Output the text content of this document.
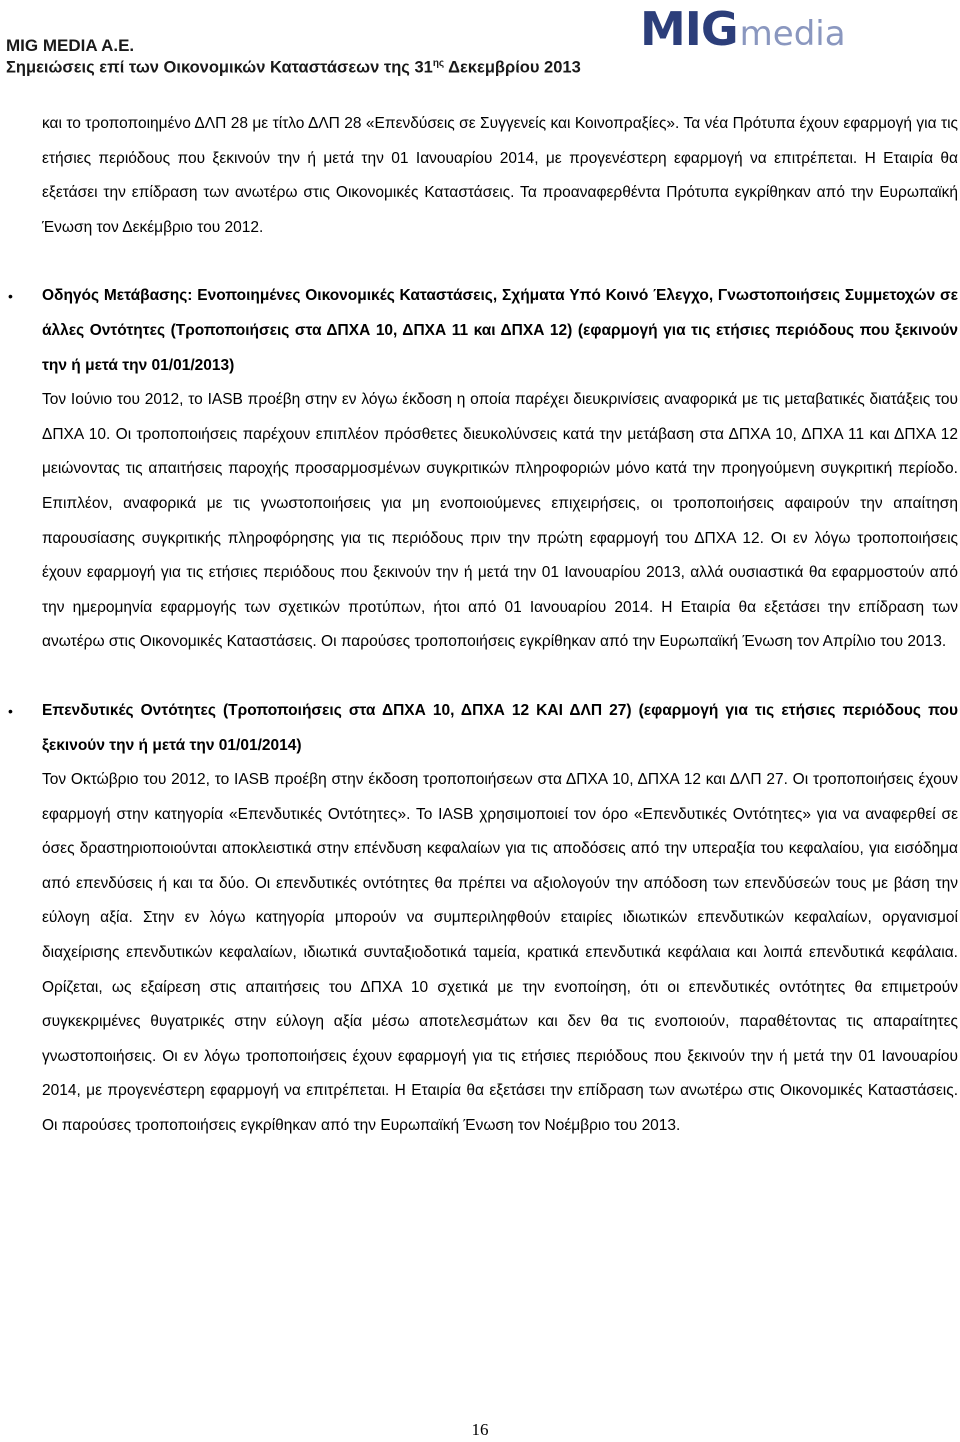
MIG MEDIA A.E.
Σημειώσεις επί των Οικονομικών Καταστάσεων της $31^{\eta\varsigma}$ Δεκεμβρίου 2013
MIGmedia

και το τροποποιημένο ΔΛΠ 28 με τίτλο ΔΛΠ 28 «Επενδύσεις σε Συγγενείς και Κοινοπραξίες». Τα νέα Πρότυπα έχουν εφαρμογή για τις ετήσιες περιόδους που ξεκινούν την ή μετά την 01 Ιανουαρίου 2014, με προγενέστερη εφαρμογή να επιτρέπεται. Η Εταιρία θα εξετάσει την επίδραση των ανωτέρω στις Οικονομικές Καταστάσεις. Τα προαναφερθέντα Πρότυπα εγκρίθηκαν από την Ευρωπαϊκή Ένωση τον Δεκέμβριο του 2012.

• Οδηγός Μετάβασης: Ενοποιημένες Οικονομικές Καταστάσεις, Σχήματα Υπό Κοινό Έλεγχο, Γνωστοποιήσεις Συμμετοχών σε άλλες Οντότητες (Τροποποιήσεις στα ΔΠΧΑ 10, ΔΠΧΑ 11 και ΔΠΧΑ 12) (εφαρμογή για τις ετήσιες περιόδους που ξεκινούν την ή μετά την 01/01/2013)

Τον Ιούνιο του 2012, το IASB προέβη στην εν λόγω έκδοση η οποία παρέχει διευκρινίσεις αναφορικά με τις μεταβατικές διατάξεις του ΔΠΧΑ 10. Οι τροποποιήσεις παρέχουν επιπλέον πρόσθετες διευκολύνσεις κατά την μετάβαση στα ΔΠΧΑ 10, ΔΠΧΑ 11 και ΔΠΧΑ 12 μειώνοντας τις απαιτήσεις παροχής προσαρμοσμένων συγκριτικών πληροφοριών μόνο κατά την προηγούμενη συγκριτική περίοδο. Επιπλέον, αναφορικά με τις γνωστοποιήσεις για μη ενοποιούμενες επιχειρήσεις, οι τροποποιήσεις αφαιρούν την απαίτηση παρουσίασης συγκριτικής πληροφόρησης για τις περιόδους πριν την πρώτη εφαρμογή του ΔΠΧΑ 12. Οι εν λόγω τροποποιήσεις έχουν εφαρμογή για τις ετήσιες περιόδους που ξεκινούν την ή μετά την 01 Ιανουαρίου 2013, αλλά ουσιαστικά θα εφαρμοστούν από την ημερομηνία εφαρμογής των σχετικών προτύπων, ήτοι από 01 Ιανουαρίου 2014. Η Εταιρία θα εξετάσει την επίδραση των ανωτέρω στις Οικονομικές Καταστάσεις. Οι παρούσες τροποποιήσεις εγκρίθηκαν από την Ευρωπαϊκή Ένωση τον Απρίλιο του 2013.

• Επενδυτικές Οντότητες (Τροποποιήσεις στα ΔΠΧΑ 10, ΔΠΧΑ 12 ΚΑΙ ΔΛΠ 27) (εφαρμογή για τις ετήσιες περιόδους που ξεκινούν την ή μετά την 01/01/2014)

Τον Οκτώβριο του 2012, το IASB προέβη στην έκδοση τροποποιήσεων στα ΔΠΧΑ 10, ΔΠΧΑ 12 και ΔΛΠ 27. Οι τροποποιήσεις έχουν εφαρμογή στην κατηγορία «Επενδυτικές Οντότητες». Το IASB χρησιμοποιεί τον όρο «Επενδυτικές Οντότητες» για να αναφερθεί σε όσες δραστηριοποιούνται αποκλειστικά στην επένδυση κεφαλαίων για τις αποδόσεις από την υπεραξία του κεφαλαίου, για εισόδημα από επενδύσεις ή και τα δύο. Οι επενδυτικές οντότητες θα πρέπει να αξιολογούν την απόδοση των επενδύσεών τους με βάση την εύλογη αξία. Στην εν λόγω κατηγορία μπορούν να συμπεριληφθούν εταιρίες ιδιωτικών επενδυτικών κεφαλαίων, οργανισμοί διαχείρισης επενδυτικών κεφαλαίων, ιδιωτικά συνταξιοδοτικά ταμεία, κρατικά επενδυτικά κεφάλαια και λοιπά επενδυτικά κεφάλαια. Ορίζεται, ως εξαίρεση στις απαιτήσεις του ΔΠΧΑ 10 σχετικά με την ενοποίηση, ότι οι επενδυτικές οντότητες θα επιμετρούν συγκεκριμένες θυγατρικές στην εύλογη αξία μέσω αποτελεσμάτων και δεν θα τις ενοποιούν, παραθέτοντας τις απαραίτητες γνωστοποιήσεις. Οι εν λόγω τροποποιήσεις έχουν εφαρμογή για τις ετήσιες περιόδους που ξεκινούν την ή μετά την 01 Ιανουαρίου 2014, με προγενέστερη εφαρμογή να επιτρέπεται. Η Εταιρία θα εξετάσει την επίδραση των ανωτέρω στις Οικονομικές Καταστάσεις. Οι παρούσες τροποποιήσεις εγκρίθηκαν από την Ευρωπαϊκή Ένωση τον Νοέμβριο του 2013.

16
